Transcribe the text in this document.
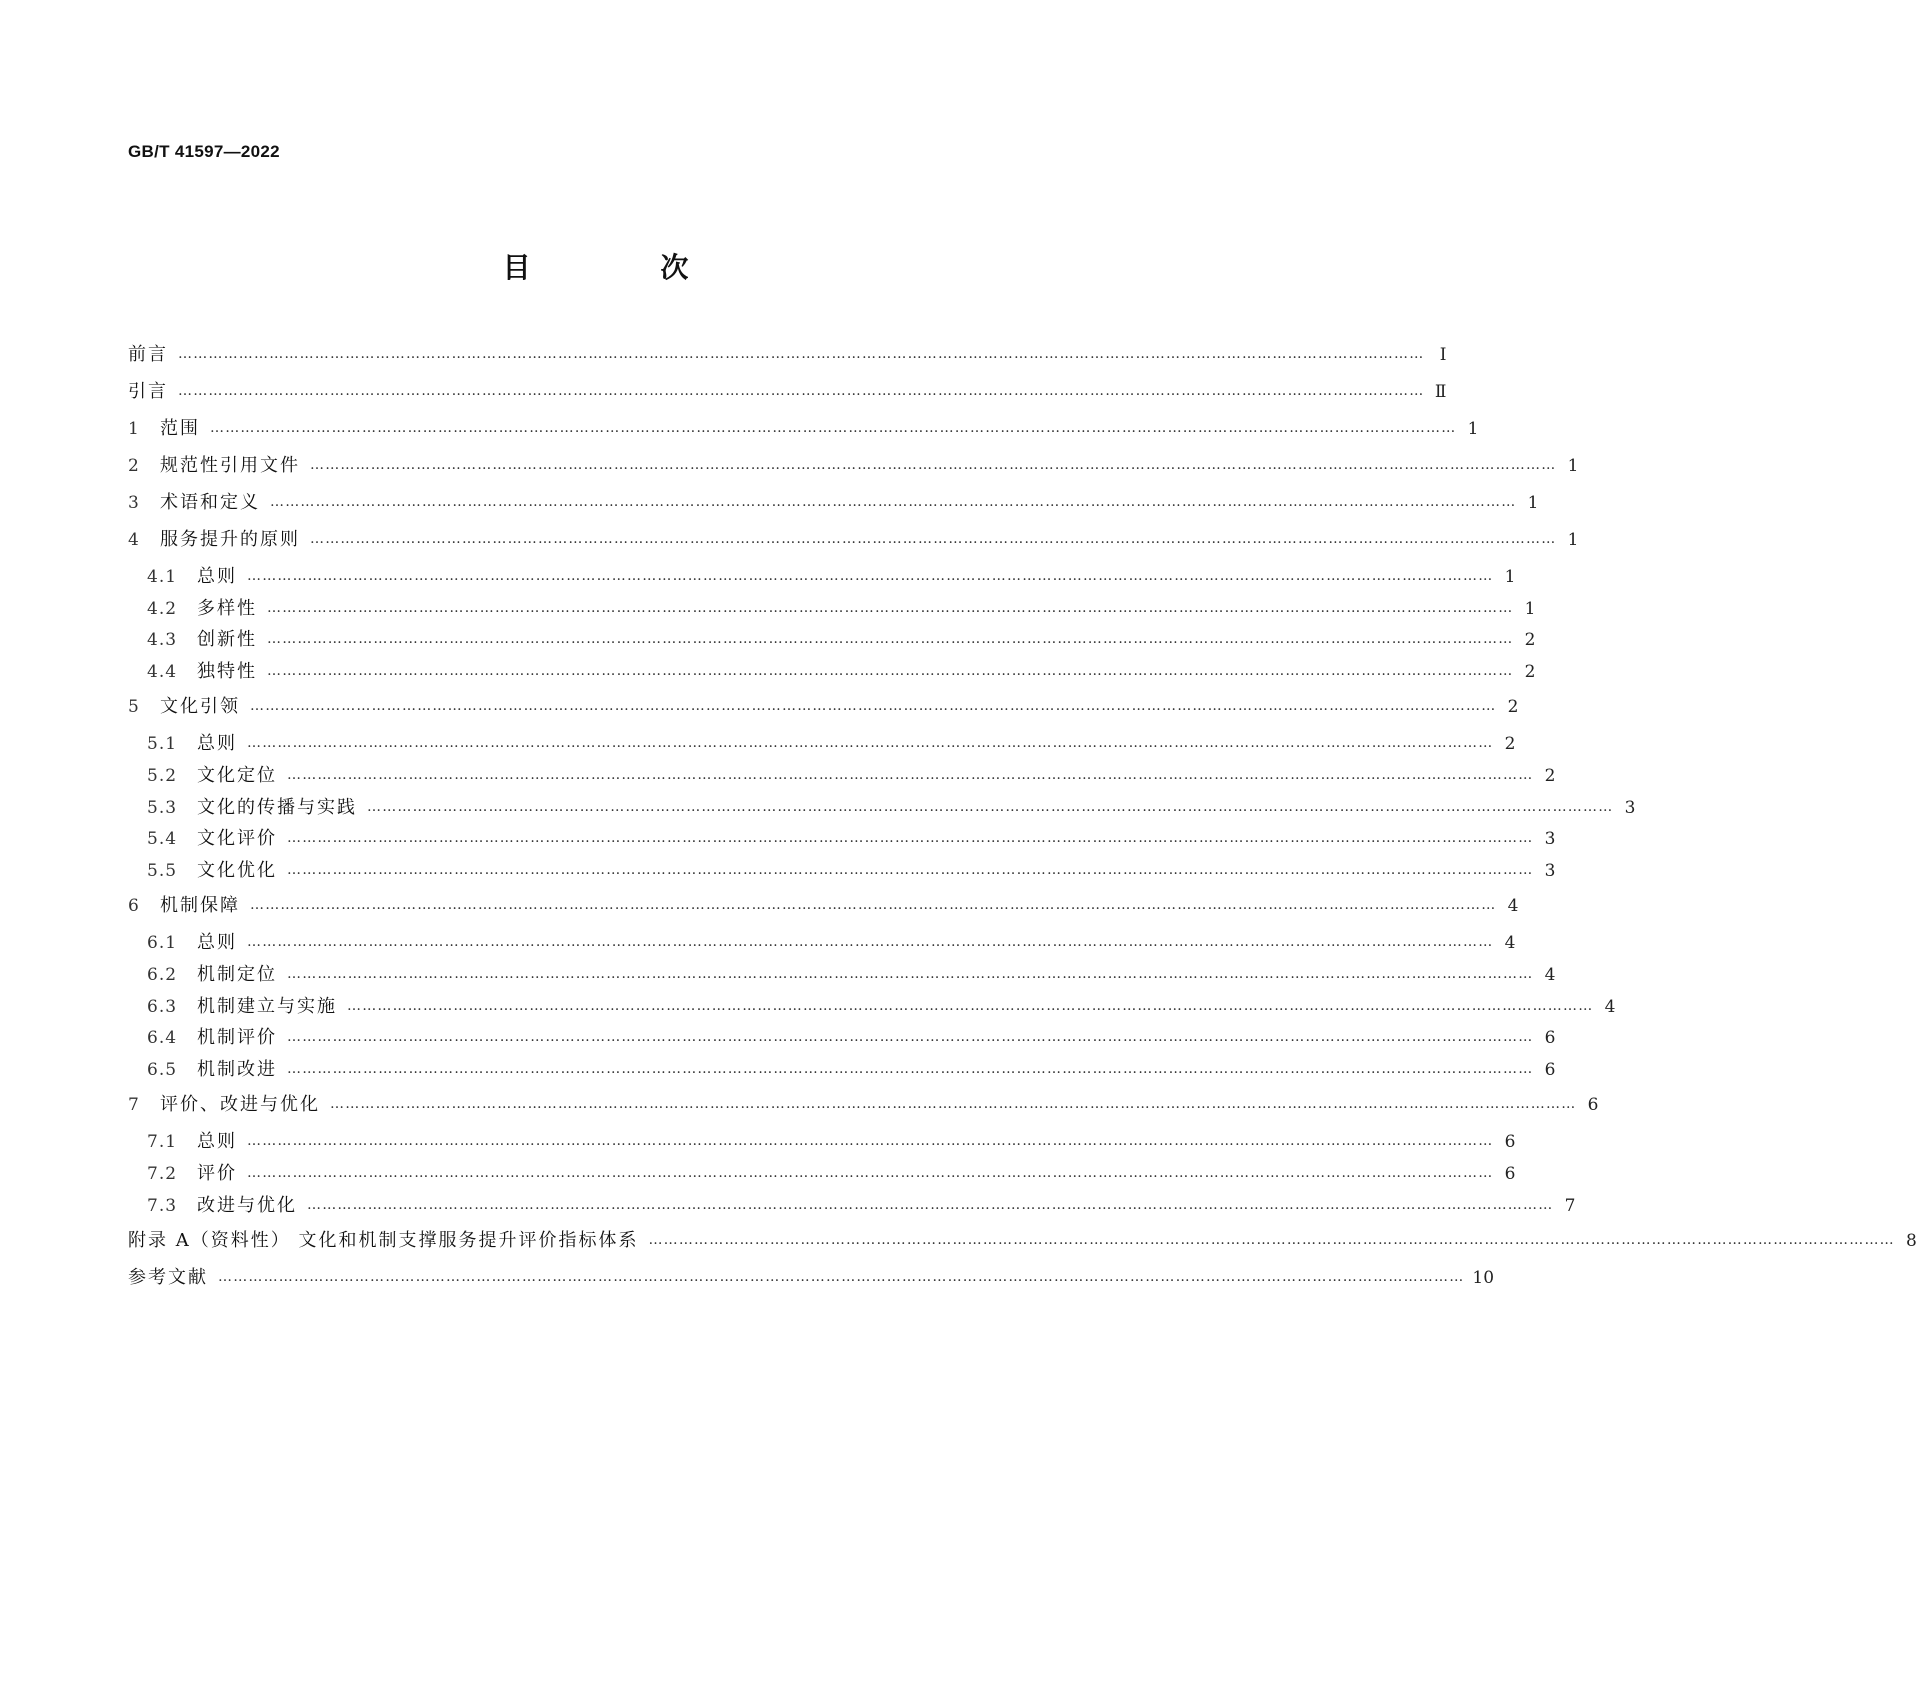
GB/T 41597—2022
目 次
前言 ………………………………………………………………………………………………………………………………………………………………………………………………………………………… Ⅰ
引言 ………………………………………………………………………………………………………………………………………………………………………………………………………………………… Ⅱ
1	范围 ………………………………………………………………………………………………………………………………………………………………………………………………………………………… 1
2	规范性引用文件 ………………………………………………………………………………………………………………………………………………………………………………………………………………………… 1
3	术语和定义 ………………………………………………………………………………………………………………………………………………………………………………………………………………………… 1
4	服务提升的原则 ………………………………………………………………………………………………………………………………………………………………………………………………………………………… 1
4.1	总则 ………………………………………………………………………………………………………………………………………………………………………………………………………………………… 1
4.2	多样性 ………………………………………………………………………………………………………………………………………………………………………………………………………………………… 1
4.3	创新性 ………………………………………………………………………………………………………………………………………………………………………………………………………………………… 2
4.4	独特性 ………………………………………………………………………………………………………………………………………………………………………………………………………………………… 2
5	文化引领 ………………………………………………………………………………………………………………………………………………………………………………………………………………………… 2
5.1	总则 ………………………………………………………………………………………………………………………………………………………………………………………………………………………… 2
5.2	文化定位 ………………………………………………………………………………………………………………………………………………………………………………………………………………………… 2
5.3	文化的传播与实践 ………………………………………………………………………………………………………………………………………………………………………………………………………………………… 3
5.4	文化评价 ………………………………………………………………………………………………………………………………………………………………………………………………………………………… 3
5.5	文化优化 ………………………………………………………………………………………………………………………………………………………………………………………………………………………… 3
6	机制保障 ………………………………………………………………………………………………………………………………………………………………………………………………………………………… 4
6.1	总则 ………………………………………………………………………………………………………………………………………………………………………………………………………………………… 4
6.2	机制定位 ………………………………………………………………………………………………………………………………………………………………………………………………………………………… 4
6.3	机制建立与实施 ………………………………………………………………………………………………………………………………………………………………………………………………………………………… 4
6.4	机制评价 ………………………………………………………………………………………………………………………………………………………………………………………………………………………… 6
6.5	机制改进 ………………………………………………………………………………………………………………………………………………………………………………………………………………………… 6
7	评价、改进与优化 ………………………………………………………………………………………………………………………………………………………………………………………………………………………… 6
7.1	总则 ………………………………………………………………………………………………………………………………………………………………………………………………………………………… 6
7.2	评价 ………………………………………………………………………………………………………………………………………………………………………………………………………………………… 6
7.3	改进与优化 ………………………………………………………………………………………………………………………………………………………………………………………………………………………… 7
附录 A（资料性） 文化和机制支撑服务提升评价指标体系 ………………………………………………………………………………………………………………………………………………………………………………………………………………………… 8
参考文献 ………………………………………………………………………………………………………………………………………………………………………………………………………………………… 10
